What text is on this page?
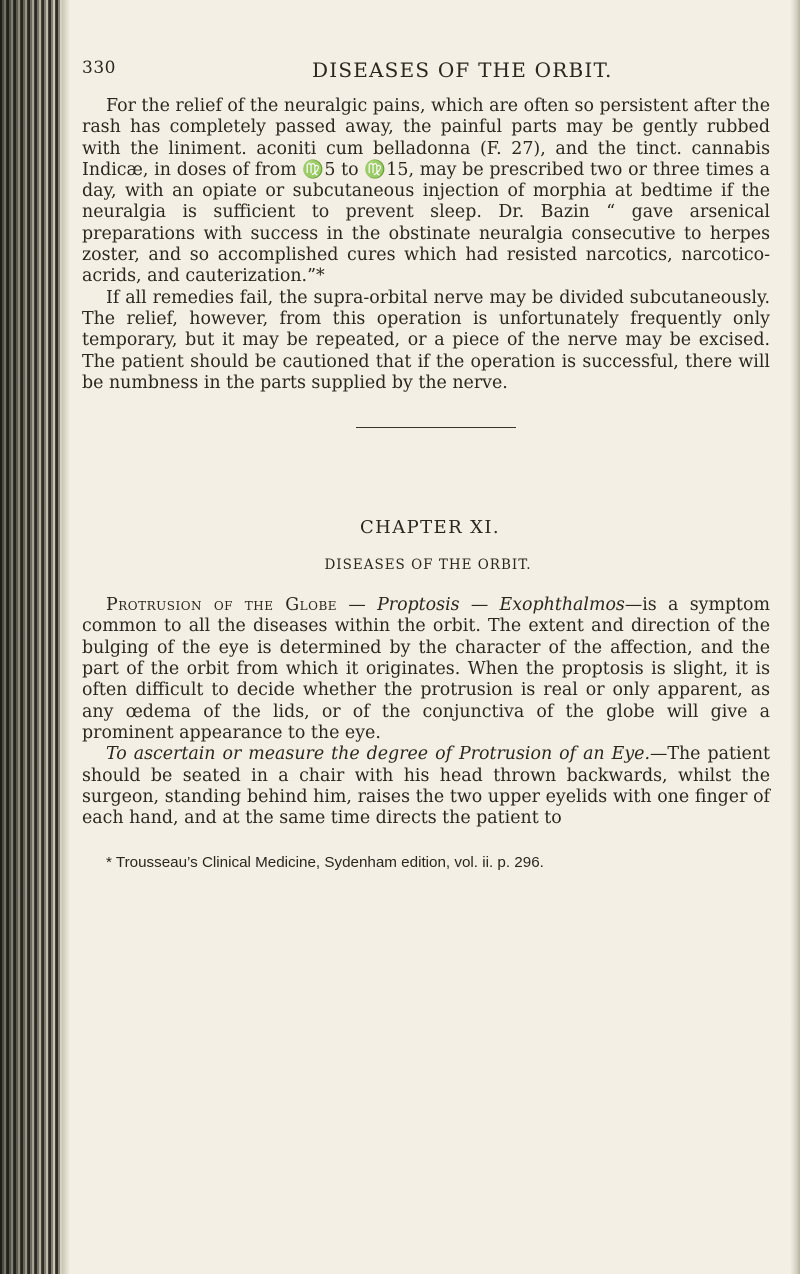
330	DISEASES OF THE ORBIT.

For the relief of the neuralgic pains, which are often so persistent after the rash has completely passed away, the painful parts may be gently rubbed with the liniment. aconiti cum belladonna (F. 27), and the tinct. cannabis Indicæ, in doses of from ♍5 to ♍15, may be prescribed two or three times a day, with an opiate or subcutaneous injection of morphia at bedtime if the neuralgia is sufficient to prevent sleep. Dr. Bazin “ gave arsenical preparations with success in the obstinate neuralgia consecutive to herpes zoster, and so accomplished cures which had resisted narcotics, narcotico-acrids, and cauterization.”*

If all remedies fail, the supra-orbital nerve may be divided subcutaneously. The relief, however, from this operation is unfortunately frequently only temporary, but it may be repeated, or a piece of the nerve may be excised. The patient should be cautioned that if the operation is successful, there will be numbness in the parts supplied by the nerve.

CHAPTER XI.
DISEASES OF THE ORBIT.

Protrusion of the Globe — Proptosis — Exophthalmos—is a symptom common to all the diseases within the orbit. The extent and direction of the bulging of the eye is determined by the character of the affection, and the part of the orbit from which it originates. When the proptosis is slight, it is often difficult to decide whether the protrusion is real or only apparent, as any œdema of the lids, or of the conjunctiva of the globe will give a prominent appearance to the eye.

To ascertain or measure the degree of Protrusion of an Eye.—The patient should be seated in a chair with his head thrown backwards, whilst the surgeon, standing behind him, raises the two upper eyelids with one finger of each hand, and at the same time directs the patient to

* Trousseau’s Clinical Medicine, Sydenham edition, vol. ii. p. 296.
